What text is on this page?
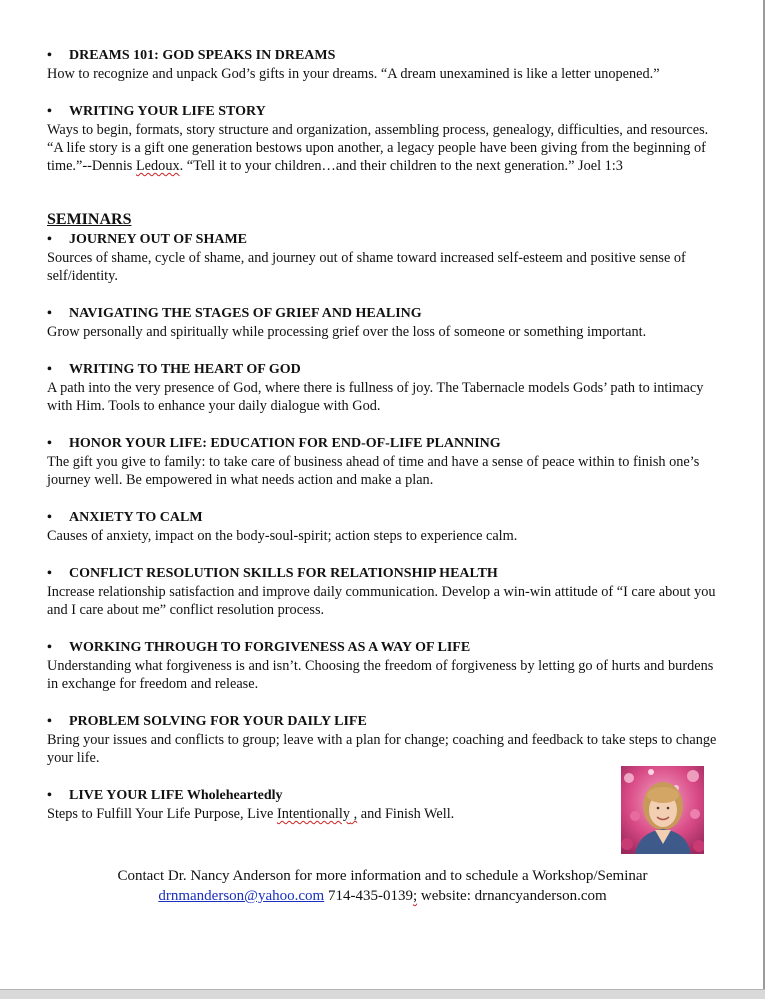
•	DREAMS 101: GOD SPEAKS IN DREAMS
How to recognize and unpack God’s gifts in your dreams. “A dream unexamined is like a letter unopened.”
•	WRITING YOUR LIFE STORY
Ways to begin, formats, story structure and organization, assembling process, genealogy, difficulties, and resources. “A life story is a gift one generation bestows upon another, a legacy people have been giving from the beginning of time.”--Dennis Ledoux. “Tell it to your children…and their children to the next generation.” Joel 1:3
SEMINARS
•	JOURNEY OUT OF SHAME
Sources of shame, cycle of shame, and journey out of shame toward increased self-esteem and positive sense of self/identity.
•	NAVIGATING THE STAGES OF GRIEF AND HEALING
Grow personally and spiritually while processing grief over the loss of someone or something important.
•	WRITING TO THE HEART OF GOD
A path into the very presence of God, where there is fullness of joy. The Tabernacle models Gods’ path to intimacy with Him. Tools to enhance your daily dialogue with God.
•	HONOR YOUR LIFE: EDUCATION FOR END-OF-LIFE PLANNING
The gift you give to family: to take care of business ahead of time and have a sense of peace within to finish one’s journey well. Be empowered in what needs action and make a plan.
•	ANXIETY TO CALM
Causes of anxiety, impact on the body-soul-spirit; action steps to experience calm.
•	CONFLICT RESOLUTION SKILLS FOR RELATIONSHIP HEALTH
Increase relationship satisfaction and improve daily communication. Develop a win-win attitude of “I care about you and I care about me” conflict resolution process.
•	WORKING THROUGH TO FORGIVENESS AS A WAY OF LIFE
Understanding what forgiveness is and isn’t. Choosing the freedom of forgiveness by letting go of hurts and burdens in exchange for freedom and release.
•	PROBLEM SOLVING FOR YOUR DAILY LIFE
Bring your issues and conflicts to group; leave with a plan for change; coaching and feedback to take steps to change your life.
•	LIVE YOUR LIFE Wholeheartedly
Steps to Fulfill Your Life Purpose, Live Intentionally , and Finish Well.
Contact Dr. Nancy Anderson for more information and to schedule a Workshop/Seminar
drnmanderson@yahoo.com 714-435-0139; website: drnancyanderson.com
